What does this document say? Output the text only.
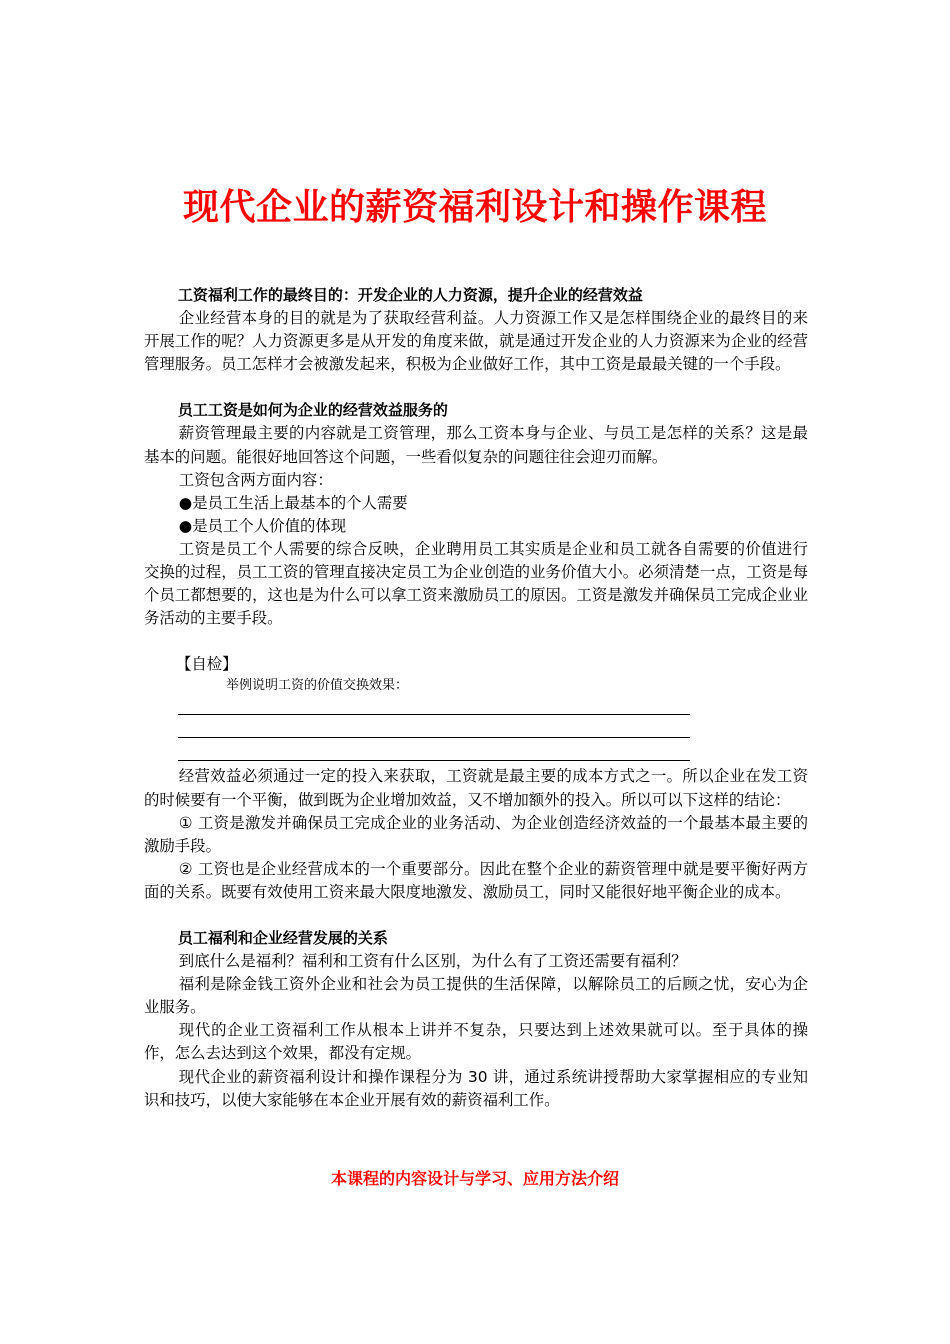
现代企业的薪资福利设计和操作课程

工资福利工作的最终目的：开发企业的人力资源，提升企业的经营效益

企业经营本身的目的就是为了获取经营利益。人力资源工作又是怎样围绕企业的最终目的来开展工作的呢？人力资源更多是从开发的角度来做，就是通过开发企业的人力资源来为企业的经营管理服务。员工怎样才会被激发起来，积极为企业做好工作，其中工资是最最关键的一个手段。

员工工资是如何为企业的经营效益服务的

薪资管理最主要的内容就是工资管理，那么工资本身与企业、与员工是怎样的关系？这是最基本的问题。能很好地回答这个问题，一些看似复杂的问题往往会迎刃而解。

工资包含两方面内容：

●是员工生活上最基本的个人需要

●是员工个人价值的体现

工资是员工个人需要的综合反映，企业聘用员工其实质是企业和员工就各自需要的价值进行交换的过程，员工工资的管理直接决定员工为企业创造的业务价值大小。必须清楚一点，工资是每个员工都想要的，这也是为什么可以拿工资来激励员工的原因。工资是激发并确保员工完成企业业务活动的主要手段。

【自检】

举例说明工资的价值交换效果：

经营效益必须通过一定的投入来获取，工资就是最主要的成本方式之一。所以企业在发工资的时候要有一个平衡，做到既为企业增加效益，又不增加额外的投入。所以可以下这样的结论：

① 工资是激发并确保员工完成企业的业务活动、为企业创造经济效益的一个最基本最主要的激励手段。

② 工资也是企业经营成本的一个重要部分。因此在整个企业的薪资管理中就是要平衡好两方面的关系。既要有效使用工资来最大限度地激发、激励员工，同时又能很好地平衡企业的成本。

员工福利和企业经营发展的关系

到底什么是福利？福利和工资有什么区别，为什么有了工资还需要有福利？

福利是除金钱工资外企业和社会为员工提供的生活保障，以解除员工的后顾之忧，安心为企业服务。

现代的企业工资福利工作从根本上讲并不复杂，只要达到上述效果就可以。至于具体的操作，怎么去达到这个效果，都没有定规。

现代企业的薪资福利设计和操作课程分为 30 讲，通过系统讲授帮助大家掌握相应的专业知识和技巧，以使大家能够在本企业开展有效的薪资福利工作。

本课程的内容设计与学习、应用方法介绍
